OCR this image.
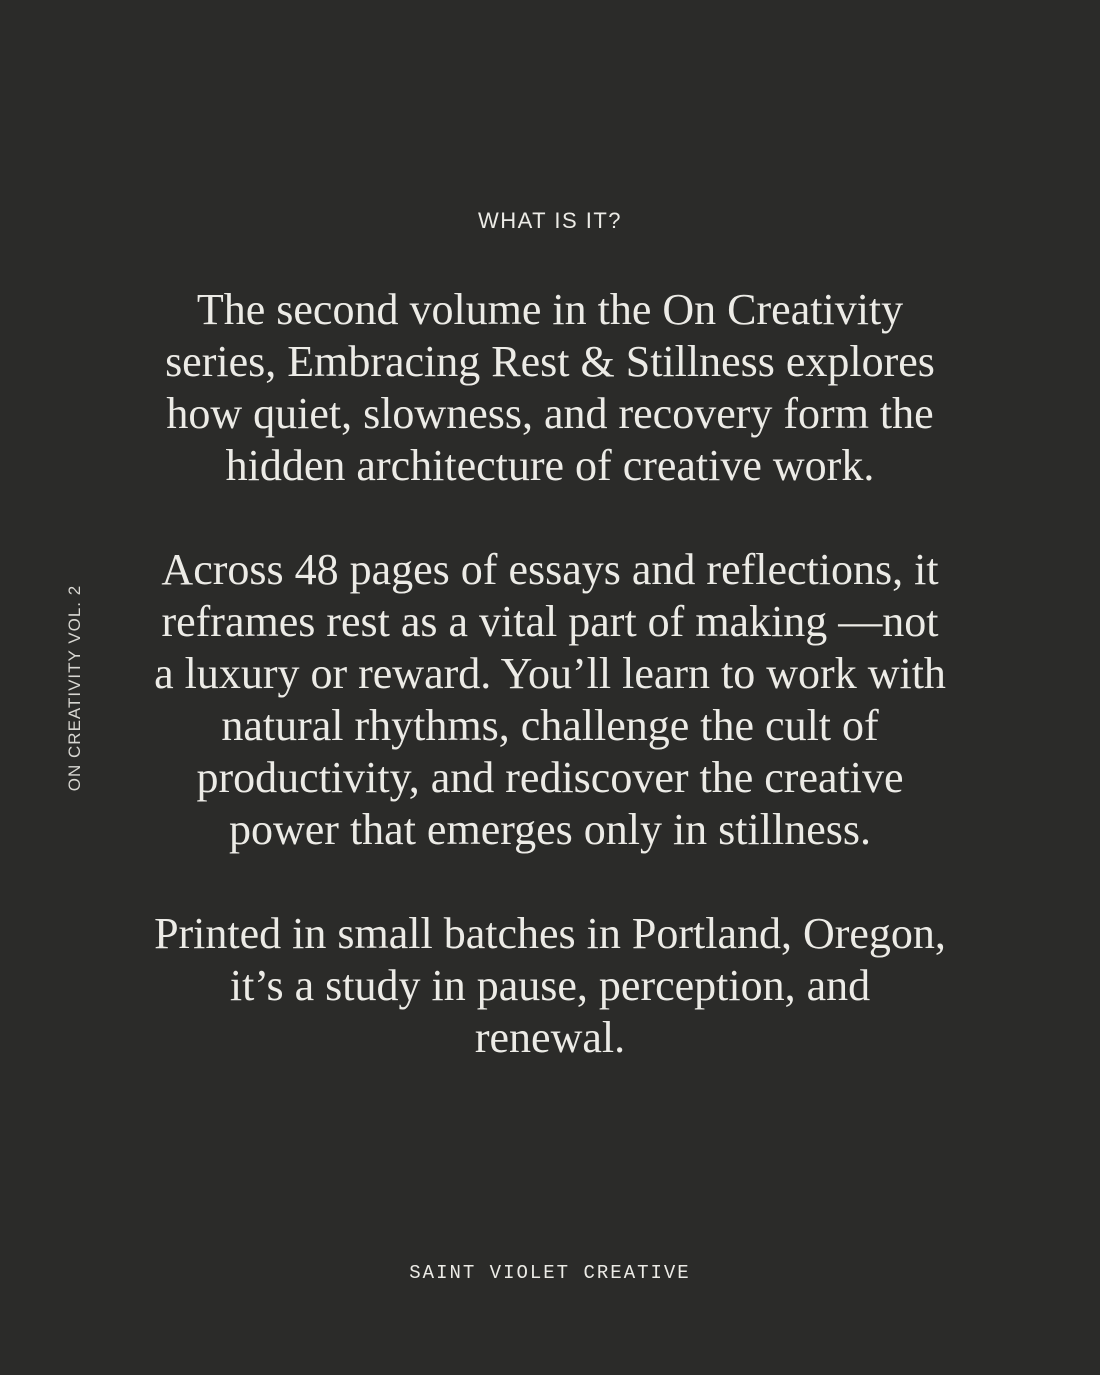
ON CREATIVITY VOL. 2
WHAT IS IT?

The second volume in the On Creativity series, Embracing Rest & Stillness explores how quiet, slowness, and recovery form the hidden architecture of creative work.

Across 48 pages of essays and reflections, it reframes rest as a vital part of making —not a luxury or reward. You’ll learn to work with natural rhythms, challenge the cult of productivity, and rediscover the creative power that emerges only in stillness.

Printed in small batches in Portland, Oregon, it’s a study in pause, perception, and renewal.

SAINT VIOLET CREATIVE
